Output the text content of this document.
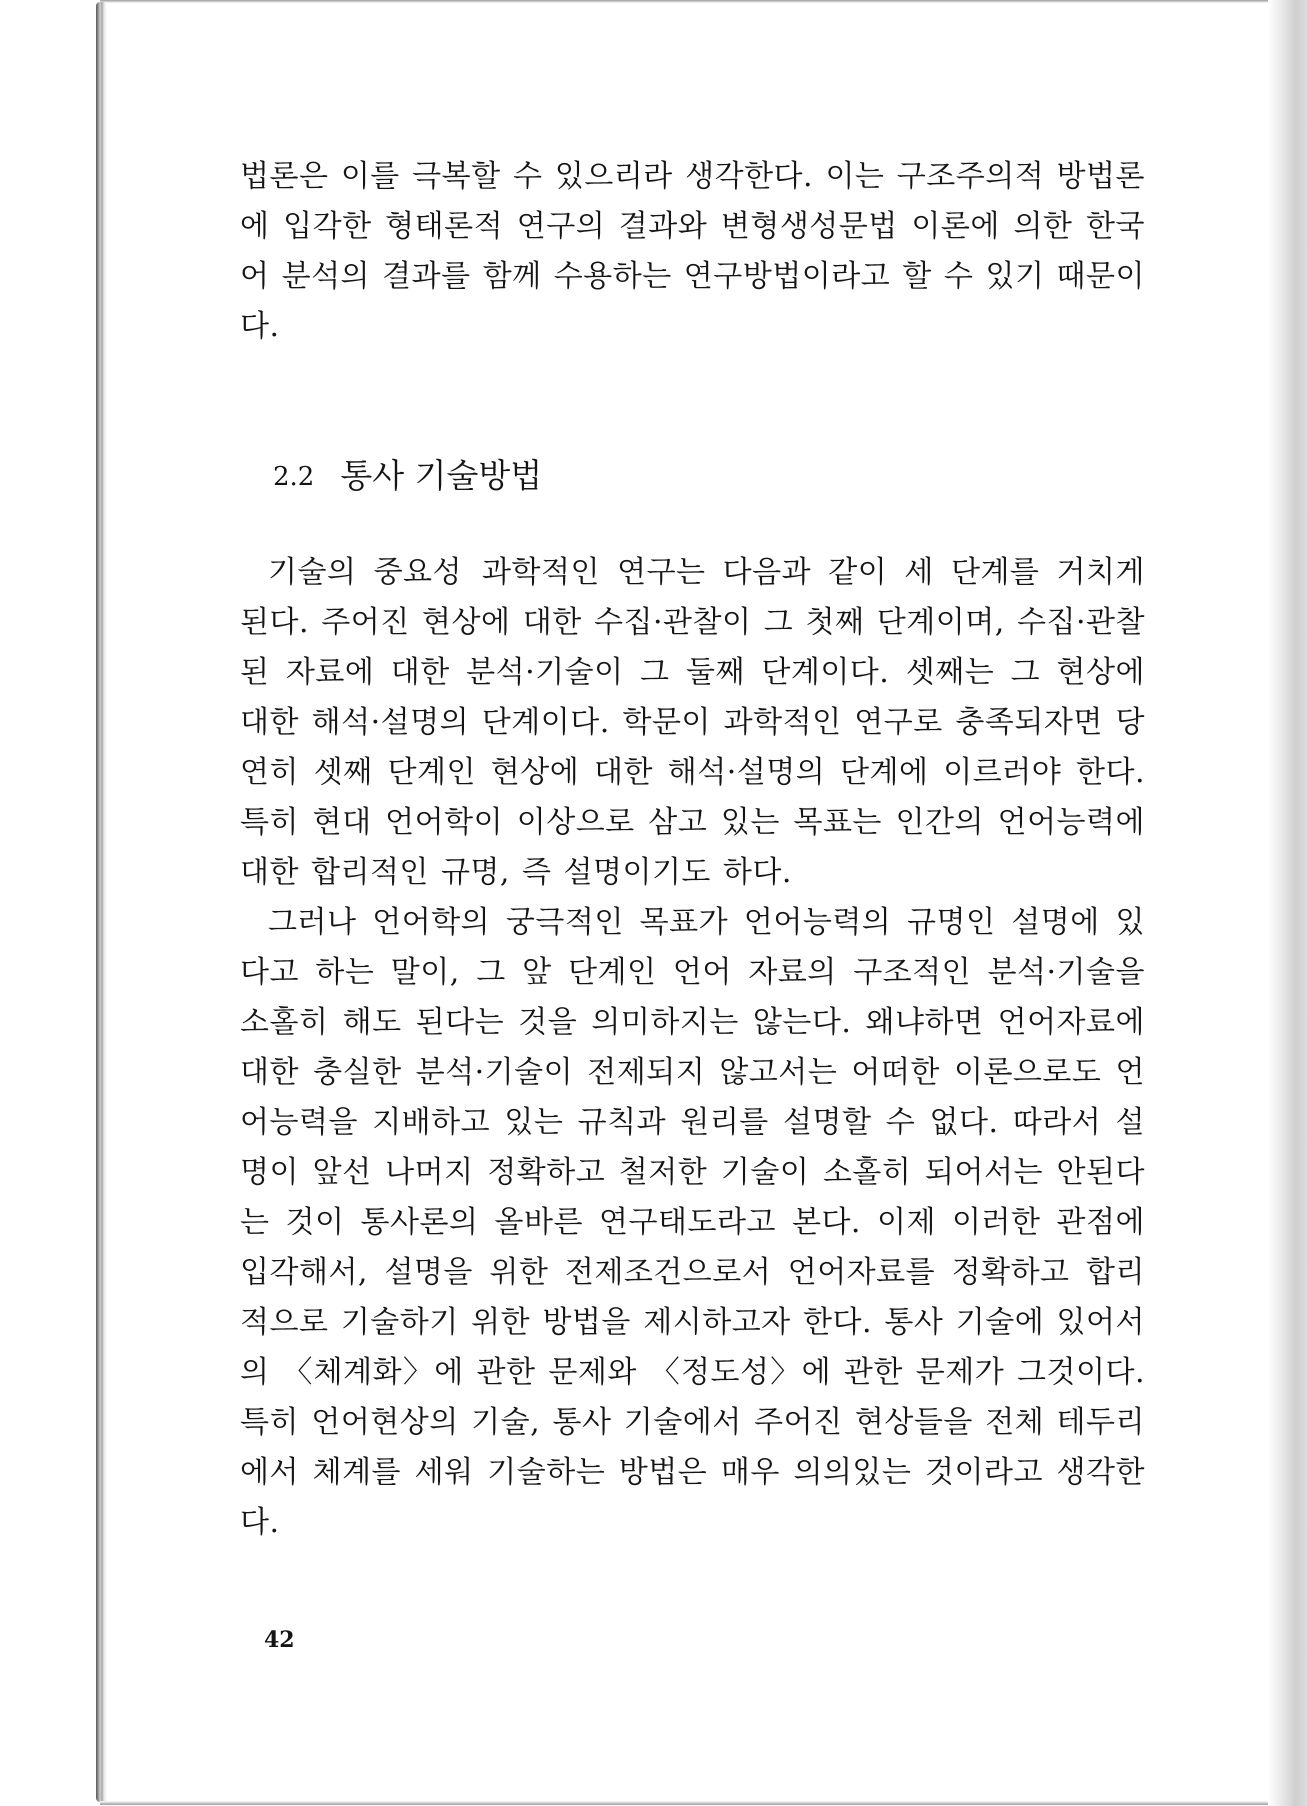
법론은 이를 극복할 수 있으리라 생각한다. 이는 구조주의적 방법론에 입각한 형태론적 연구의 결과와 변형생성문법 이론에 의한 한국어 분석의 결과를 함께 수용하는 연구방법이라고 할 수 있기 때문이다.

2.2 통사 기술방법

기술의 중요성 과학적인 연구는 다음과 같이 세 단계를 거치게 된다. 주어진 현상에 대한 수집·관찰이 그 첫째 단계이며, 수집·관찰된 자료에 대한 분석·기술이 그 둘째 단계이다. 셋째는 그 현상에 대한 해석·설명의 단계이다. 학문이 과학적인 연구로 충족되자면 당연히 셋째 단계인 현상에 대한 해석·설명의 단계에 이르러야 한다. 특히 현대 언어학이 이상으로 삼고 있는 목표는 인간의 언어능력에 대한 합리적인 규명, 즉 설명이기도 하다.

그러나 언어학의 궁극적인 목표가 언어능력의 규명인 설명에 있다고 하는 말이, 그 앞 단계인 언어 자료의 구조적인 분석·기술을 소홀히 해도 된다는 것을 의미하지는 않는다. 왜냐하면 언어자료에 대한 충실한 분석·기술이 전제되지 않고서는 어떠한 이론으로도 언어능력을 지배하고 있는 규칙과 원리를 설명할 수 없다. 따라서 설명이 앞선 나머지 정확하고 철저한 기술이 소홀히 되어서는 안된다는 것이 통사론의 올바른 연구태도라고 본다. 이제 이러한 관점에 입각해서, 설명을 위한 전제조건으로서 언어자료를 정확하고 합리적으로 기술하기 위한 방법을 제시하고자 한다. 통사 기술에 있어서의 〈체계화〉에 관한 문제와 〈정도성〉에 관한 문제가 그것이다. 특히 언어현상의 기술, 통사 기술에서 주어진 현상들을 전체 테두리에서 체계를 세워 기술하는 방법은 매우 의의있는 것이라고 생각한다.

42
